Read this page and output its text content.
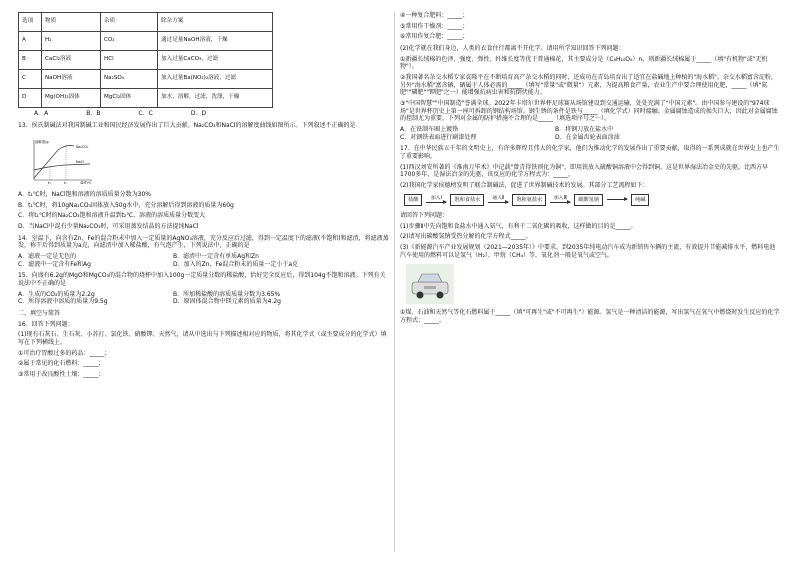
选项	物质	杂质	除杂方案
A	H₂	CO₂	通过足量NaOH溶液，干燥
B	CaCl₂溶液	HCl	加入过量CaCO₃，过滤
C	NaOH溶液	Na₂SO₄	加入过量Ba(NO₃)₂溶液，过滤
D	Mg(OH)₂固体	MgCl₂固体	加水，溶解，过滤，洗涤，干燥
A．A	B．B	C．C	D．D

13．侯氏制碱法对我国制碱工业和国民经济发展作出了巨大贡献。Na₂CO₃和NaCl的溶解度曲线如图所示。下列叙述不正确的是

溶解度/g
NaCl
Na₂CO₃
t₁	t₂	温度/℃

A．t₁℃时，NaCl饱和溶液的溶质质量分数为30%

B．t₁℃时，将10gNa₂CO₃固体放入50g水中，充分溶解后得到溶液的质量为60g

C．将t₁℃时的Na₂CO₃饱和溶液升温到t₂℃，溶液的溶质质量分数变大

D．当NaCl中混有少量Na₂CO₃时，可采用蒸发结晶的方法提纯NaCl

14．室温下，向含有Zn、Fe的混合粉末中加入一定质量的AgNO₃溶液，充分反应后过滤，得到一定温度下的滤液(不饱和)和滤渣，将滤液蒸发，称干后得到质量为a克，向滤渣中加入稀盐酸，有气泡产生，下列说法中，正确的是

A．滤液一定是无色的	B．滤渣中一定含有单质Ag和Zn
C．滤液中一定含有Fe和Ag	D．加入的Zn、Fe混合粉末的质量一定小于a克

15．向盛有6.2g的MgO和MgCO₃的混合物的烧杯中加入100g一定质量分数的稀盐酸，恰好完全反应后，得到104g不饱和溶液。下列有关说法中不正确的是

A．生成的CO₂的质量为2.2g	B．所加稀盐酸的溶质质量分数为3.65%
C．所得溶液中溶质的质量为9.5g	D．原固体混合物中镁元素的质量为4.2g

二、填空与简答

16．回答下列问题：

(1)现有石灰石、生石灰、小苏打、氯化铁、硝酸钾、天然气，请从中选出与下列描述相对应的物质，将其化学式（或主要成分的化学式）填写在下列横线上。

①可治疗胃酸过多的药品：_____；

②属于常见的化石燃料：_____；

③常用于改良酸性土壤：_____；

④一种复合肥料：_____；

⑤常用作干燥剂：_____；

⑥常用作复合肥：_____；

(2)化学就在我们身边，人类的衣食住行都离不开化学。请用所学知识回答下列问题：

①新疆长绒棉的色泽、强度、弹性、纤维长度等优于普通棉花，其主要成分是（C₆H₁₀O₅）n，则新疆长绒棉属于_____（填"有机物"或"无机物"）。

②我国著名杂交水稻专家袁隆平在不断培育高产杂交水稻的同时，还成功在青岛培育出了适宜在盐碱地上种植的"海水稻"。杂交水稻富含淀粉，另外"海水稻"富含硒，硒属于人体必需的_____（填写"常量"或"微量"）元素，为提高粮食产量，农业生产中要合理使用化肥，_____（填"氮肥""磷肥""钾肥"之一）能增强抗病虫害和抗倒伏能力。

③"中国智慧""中国制造"誉满全球。2022年卡塔尔世界杯足球赛从场馆建设到交通运输，处处充满了"中国元素"。由中国参与建设的"974球场"是世界杯历史上第一座可拆卸的钢结构场馆。钢生锈的条件是铁与_____（填化学式）同时接触。金属腐蚀造成的损失巨大，因此对金属腐蚀的控制尤为重要。下列对金属的防护措施不合理的是_____（填选项序号之一）。

A．在铁制车圈上镀铬	B．将钢刀放在盐水中
C．对钢铁表面进行刷漆处理	D．在金属齿轮表面涂油

17．在中华民族五千年的文明史上，有许多辉煌且伟大的化学家，他们为推动化学的发展作出了重要贡献，取得的一系列成就在世界史上也产生了重要影响。

(1)西汉刘安所著的《淮南万毕术》中记载"曾青得铁则化为铜"，即用铁放入硫酸铜溶液中会得到铜，这是世界湿法冶金史的先驱，比西方早1700多年，是湿法冶金的先驱，该反应的化学方程式为：_____。

(2)我国化学家侯德榜发明了联合制碱法，促进了世界制碱技术的发展。其部分工艺流程如下：

盐酸	加入Ⅰ	饱和食盐水	通入Ⅱ	饱和氨盐水	加入Ⅲ	碳酸氢钠	纯碱

请回答下列问题：

(1)步骤Ⅱ中先向饱和食盐水中通入氨气，有利于二氧化碳的吸收，这样做的目的是_____。

(2)请写出碳酸氢钠受热分解的化学方程式_____。

(3)《新能源汽车产业发展规划（2021—2035年）》中要求，到2035年纯电动汽车成为新销售车辆的主流，有效提升节能减排水平，燃料电池汽车使用的燃料可以是氢气（H₂）、甲烷（CH₄）等，氧化剂一般是氧气或空气。

①煤、石油和天然气等化石燃料属于_____（填"可再生"或"不可再生"）能源。氢气是一种清洁的能源，写出氢气在氧气中燃烧时发生反应的化学方程式：_____。
